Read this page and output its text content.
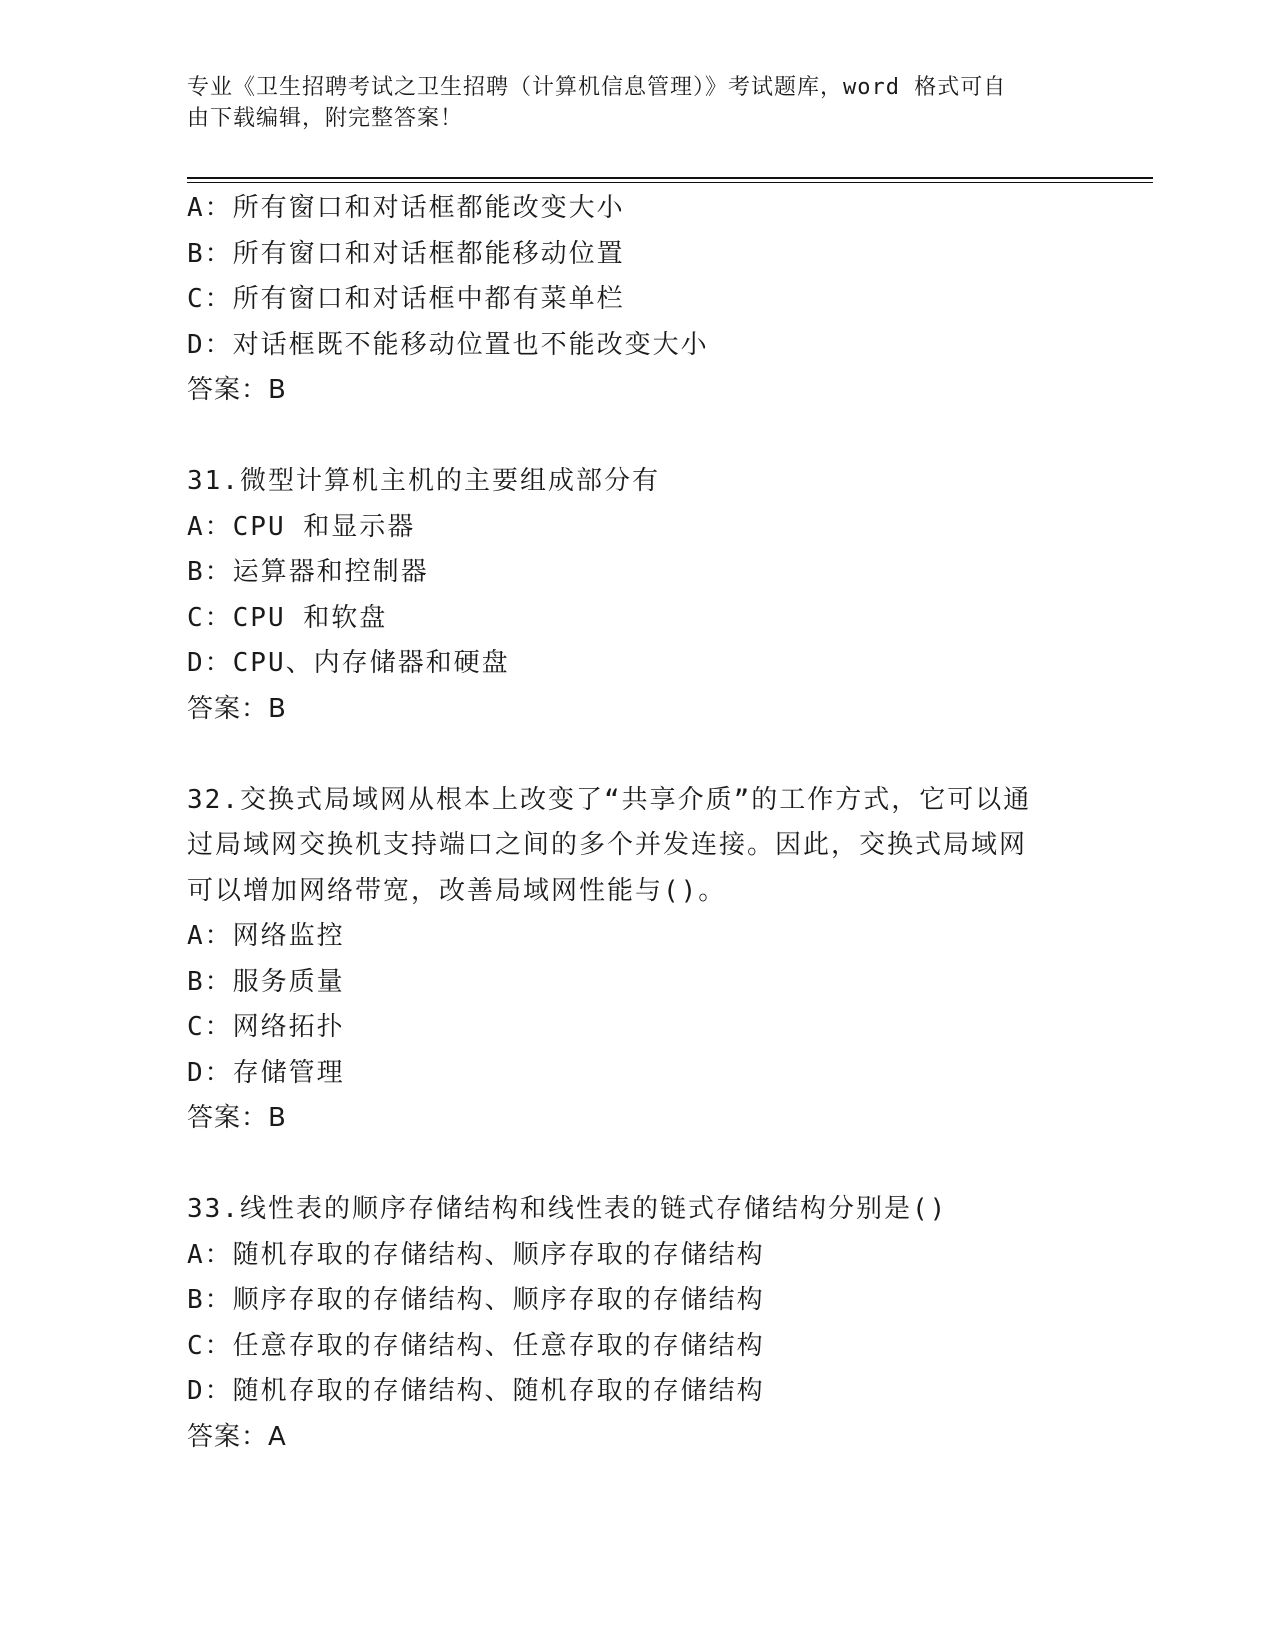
专业《卫生招聘考试之卫生招聘（计算机信息管理）》考试题库，word 格式可自
由下载编辑，附完整答案！
A：所有窗口和对话框都能改变大小
B：所有窗口和对话框都能移动位置
C：所有窗口和对话框中都有菜单栏
D：对话框既不能移动位置也不能改变大小
答案：B
31.微型计算机主机的主要组成部分有
A：CPU 和显示器
B：运算器和控制器
C：CPU 和软盘
D：CPU、内存储器和硬盘
答案：B
32.交换式局域网从根本上改变了“共享介质”的工作方式，它可以通
过局域网交换机支持端口之间的多个并发连接。因此，交换式局域网
可以增加网络带宽，改善局域网性能与()。
A：网络监控
B：服务质量
C：网络拓扑
D：存储管理
答案：B
33.线性表的顺序存储结构和线性表的链式存储结构分别是()
A：随机存取的存储结构、顺序存取的存储结构
B：顺序存取的存储结构、顺序存取的存储结构
C：任意存取的存储结构、任意存取的存储结构
D：随机存取的存储结构、随机存取的存储结构
答案：A
